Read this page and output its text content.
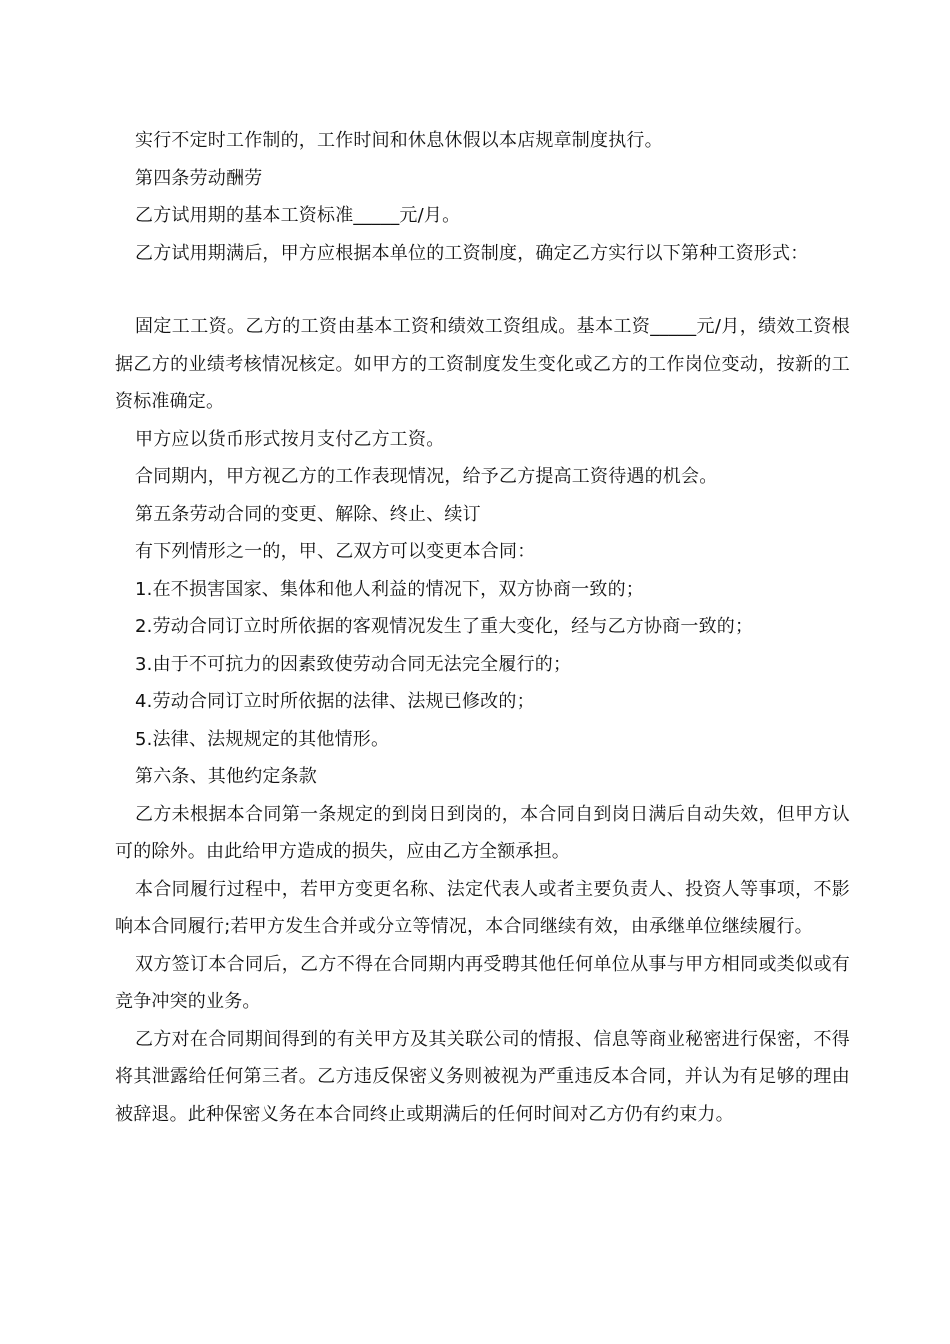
实行不定时工作制的，工作时间和休息休假以本店规章制度执行。

第四条劳动酬劳

乙方试用期的基本工资标准_____元/月。

乙方试用期满后，甲方应根据本单位的工资制度，确定乙方实行以下第种工资形式：

固定工工资。乙方的工资由基本工资和绩效工资组成。基本工资_____元/月，绩效工资根据乙方的业绩考核情况核定。如甲方的工资制度发生变化或乙方的工作岗位变动，按新的工资标准确定。

甲方应以货币形式按月支付乙方工资。

合同期内，甲方视乙方的工作表现情况，给予乙方提高工资待遇的机会。

第五条劳动合同的变更、解除、终止、续订

有下列情形之一的，甲、乙双方可以变更本合同：

1.在不损害国家、集体和他人利益的情况下，双方协商一致的；

2.劳动合同订立时所依据的客观情况发生了重大变化，经与乙方协商一致的；

3.由于不可抗力的因素致使劳动合同无法完全履行的；

4.劳动合同订立时所依据的法律、法规已修改的；

5.法律、法规规定的其他情形。

第六条、其他约定条款

乙方未根据本合同第一条规定的到岗日到岗的，本合同自到岗日满后自动失效，但甲方认可的除外。由此给甲方造成的损失，应由乙方全额承担。

本合同履行过程中，若甲方变更名称、法定代表人或者主要负责人、投资人等事项，不影响本合同履行;若甲方发生合并或分立等情况，本合同继续有效，由承继单位继续履行。

双方签订本合同后，乙方不得在合同期内再受聘其他任何单位从事与甲方相同或类似或有竞争冲突的业务。

乙方对在合同期间得到的有关甲方及其关联公司的情报、信息等商业秘密进行保密，不得将其泄露给任何第三者。乙方违反保密义务则被视为严重违反本合同，并认为有足够的理由被辞退。此种保密义务在本合同终止或期满后的任何时间对乙方仍有约束力。
